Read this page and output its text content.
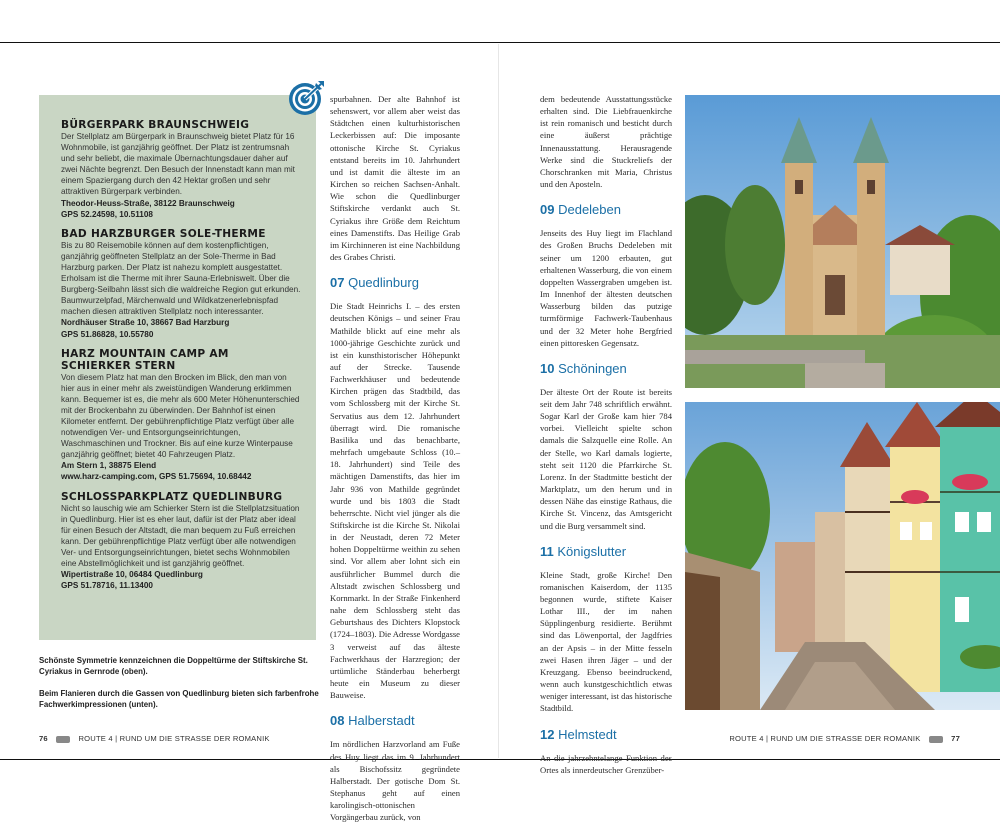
BÜRGERPARK BRAUNSCHWEIG
Der Stellplatz am Bürgerpark in Braunschweig bietet Platz für 16 Wohnmobile, ist ganzjährig geöffnet. Der Platz ist zentrumsnah und sehr beliebt, die maximale Übernachtungsdauer daher auf zwei Nächte begrenzt. Den Besuch der Innenstadt kann man mit einem Spaziergang durch den 42 Hektar großen und sehr attraktiven Bürgerpark verbinden.
Theodor-Heuss-Straße, 38122 Braunschweig
GPS 52.24598, 10.51108
BAD HARZBURGER SOLE-THERME
Bis zu 80 Reisemobile können auf dem kostenpflichtigen, ganzjährig geöffneten Stellplatz an der Sole-Therme in Bad Harzburg parken. Der Platz ist nahezu komplett ausgestattet. Erholsam ist die Therme mit ihrer Sauna-Erlebniswelt. Über die Burgberg-Seilbahn lässt sich die waldreiche Region gut erkunden. Baumwurzelpfad, Märchenwald und Wildkatzenerlebnispfad machen diesen attraktiven Stellplatz noch interessanter.
Nordhäuser Straße 10, 38667 Bad Harzburg
GPS 51.86828, 10.55780
HARZ MOUNTAIN CAMP AM SCHIERKER STERN
Von diesem Platz hat man den Brocken im Blick, den man von hier aus in einer mehr als zweistündigen Wanderung erklimmen kann. Bequemer ist es, die mehr als 600 Meter Höhenunterschied mit der Brockenbahn zu überwinden. Der Bahnhof ist einen Kilometer entfernt. Der gebührenpflichtige Platz verfügt über alle notwendigen Ver- und Entsorgungseinrichtungen, Waschmaschinen und Trockner. Bis auf eine kurze Winterpause ganzjährig geöffnet; bietet 40 Fahrzeugen Platz.
Am Stern 1, 38875 Elend
www.harz-camping.com, GPS 51.75694, 10.68442
SCHLOSSPARKPLATZ QUEDLINBURG
Nicht so lauschig wie am Schierker Stern ist die Stellplatzsituation in Quedlinburg. Hier ist es eher laut, dafür ist der Platz aber ideal für einen Besuch der Altstadt, die man bequem zu Fuß erreichen kann. Der gebührenpflichtige Platz verfügt über alle notwendigen Ver- und Entsorgungseinrichtungen, bietet sechs Wohnmobilen eine Abstellmöglichkeit und ist ganzjährig geöffnet.
Wipertistraße 10, 06484 Quedlinburg
GPS 51.78716, 11.13400
Schönste Symmetrie kennzeichnen die Doppeltürme der Stiftskirche St. Cyriakus in Gernrode (oben).
Beim Flanieren durch die Gassen von Quedlinburg bieten sich farbenfrohe Fachwerkimpressionen (unten).

spurbahnen. Der alte Bahnhof ist sehenswert, vor allem aber weist das Städtchen einen kulturhistorischen Leckerbissen auf: Die imposante ottonische Kirche St. Cyriakus entstand bereits im 10. Jahrhundert und ist damit die älteste im an Kirchen so reichen Sachsen-Anhalt. Wie schon die Quedlinburger Stiftskirche verdankt auch St. Cyriakus ihre Größe dem Reichtum eines Damenstifts. Das Heilige Grab im Kirchinneren ist eine Nachbildung des Grabes Christi.

07 Quedlinburg

Die Stadt Heinrichs I. – des ersten deutschen Königs – und seiner Frau Mathilde blickt auf eine mehr als 1000-jährige Geschichte zurück und ist ein kunsthistorischer Höhepunkt auf der Strecke. Tausende Fachwerkhäuser und bedeutende Kirchen prägen das Stadtbild, das vom Schlossberg mit der Kirche St. Servatius aus dem 12. Jahrhundert überragt wird. Die romanische Basilika und das benachbarte, mehrfach umgebaute Schloss (10.–18. Jahrhundert) sind Teile des mächtigen Damenstifts, das hier im Jahr 936 von Mathilde gegründet wurde und bis 1803 die Stadt beherrschte. Nicht viel jünger als die Stiftskirche ist die Kirche St. Nikolai in der Neustadt, deren 72 Meter hohen Doppeltürme weithin zu sehen sind. Vor allem aber lohnt sich ein ausführlicher Bummel durch die Altstadt zwischen Schlossberg und Kornmarkt. In der Straße Finkenherd nahe dem Schlossberg steht das Geburtshaus des Dichters Klopstock (1724–1803). Die Adresse Wordgasse 3 verweist auf das älteste Fachwerkhaus der Harzregion; der urtümliche Ständerbau beherbergt heute ein Museum zu dieser Bauweise.

08 Halberstadt

Im nördlichen Harzvorland am Fuße des Huy liegt das im 9. Jahrhundert als Bischofssitz gegründete Halberstadt. Der gotische Dom St. Stephanus geht auf einen karolingisch-ottonischen Vorgängerbau zurück, von

dem bedeutende Ausstattungsstücke erhalten sind. Die Liebfrauenkirche ist rein romanisch und besticht durch eine äußerst prächtige Innenausstattung. Herausragende Werke sind die Stuckreliefs der Chorschranken mit Maria, Christus und den Aposteln.

09 Dedeleben

Jenseits des Huy liegt im Flachland des Großen Bruchs Dedeleben mit seiner um 1200 erbauten, gut erhaltenen Wasserburg, die von einem doppelten Wassergraben umgeben ist. Im Innenhof der ältesten deutschen Wasserburg bilden das putzige turmförmige Fachwerk-Taubenhaus und der 32 Meter hohe Bergfried einen pittoresken Gegensatz.

10 Schöningen

Der älteste Ort der Route ist bereits seit dem Jahr 748 schriftlich erwähnt. Sogar Karl der Große kam hier 784 vorbei. Vielleicht spielte schon damals die Salzquelle eine Rolle. An der Stelle, wo Karl damals logierte, steht seit 1120 die Pfarrkirche St. Lorenz. In der Stadtmitte besticht der Marktplatz, um den herum und in dessen Nähe das einstige Rathaus, die Kirche St. Vincenz, das Amtsgericht und die Burg versammelt sind.

11 Königslutter

Kleine Stadt, große Kirche! Den romanischen Kaiserdom, der 1135 begonnen wurde, stiftete Kaiser Lothar III., der im nahen Süpplingenburg residierte. Berühmt sind das Löwenportal, der Jagdfries an der Apsis – in der Mitte fesseln zwei Hasen ihren Jäger – und der Kreuzgang. Ebenso beeindruckend, wenn auch kunstgeschichtlich etwas weniger interessant, ist das historische Stadtbild.

12 Helmstedt

An die jahrzehntelange Funktion des Ortes als innerdeutscher Grenzüber-

76	ROUTE 4 | RUND UM DIE STRASSE DER ROMANIK	ROUTE 4 | RUND UM DIE STRASSE DER ROMANIK	77
